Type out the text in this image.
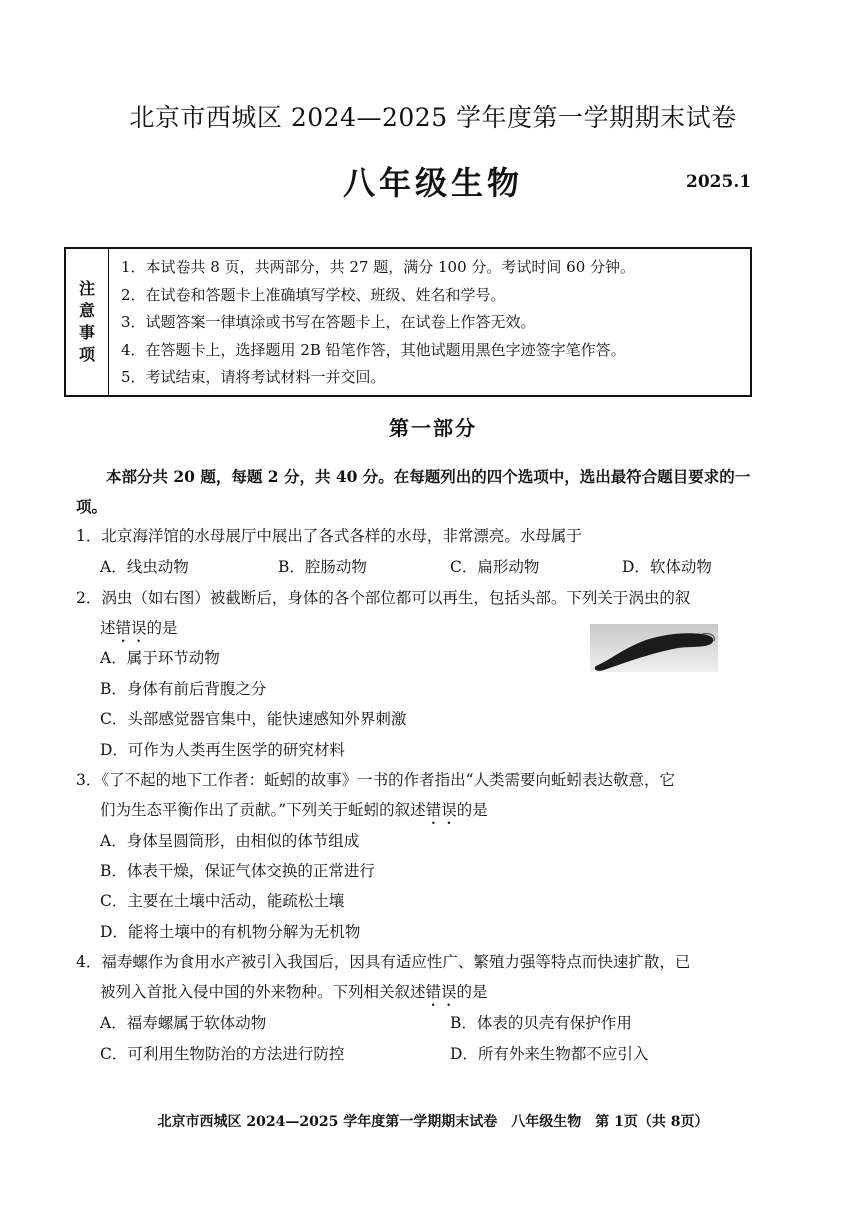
北京市西城区 2024—2025 学年度第一学期期末试卷
八年级生物	2025.1
注
意
事
项
1．本试卷共 8 页，共两部分，共 27 题，满分 100 分。考试时间 60 分钟。
2．在试卷和答题卡上准确填写学校、班级、姓名和学号。
3．试题答案一律填涂或书写在答题卡上，在试卷上作答无效。
4．在答题卡上，选择题用 2B 铅笔作答，其他试题用黑色字迹签字笔作答。
5．考试结束，请将考试材料一并交回。
第一部分
本部分共 20 题，每题 2 分，共 40 分。在每题列出的四个选项中，选出最符合题目要求的一项。
1．北京海洋馆的水母展厅中展出了各式各样的水母，非常漂亮。水母属于
A．线虫动物	B．腔肠动物	C．扁形动物	D．软体动物
2．涡虫（如右图）被截断后，身体的各个部位都可以再生，包括头部。下列关于涡虫的叙
述错误的是
A．属于环节动物
B．身体有前后背腹之分
C．头部感觉器官集中，能快速感知外界刺激
D．可作为人类再生医学的研究材料
3．《了不起的地下工作者：蚯蚓的故事》一书的作者指出“人类需要向蚯蚓表达敬意，它
们为生态平衡作出了贡献。”下列关于蚯蚓的叙述错误的是
A．身体呈圆筒形，由相似的体节组成
B．体表干燥，保证气体交换的正常进行
C．主要在土壤中活动，能疏松土壤
D．能将土壤中的有机物分解为无机物
4．福寿螺作为食用水产被引入我国后，因具有适应性广、繁殖力强等特点而快速扩散，已
被列入首批入侵中国的外来物种。下列相关叙述错误的是
A．福寿螺属于软体动物	B．体表的贝壳有保护作用
C．可利用生物防治的方法进行防控	D．所有外来生物都不应引入
北京市西城区 2024—2025 学年度第一学期期末试卷　八年级生物　第 1页（共 8页）
